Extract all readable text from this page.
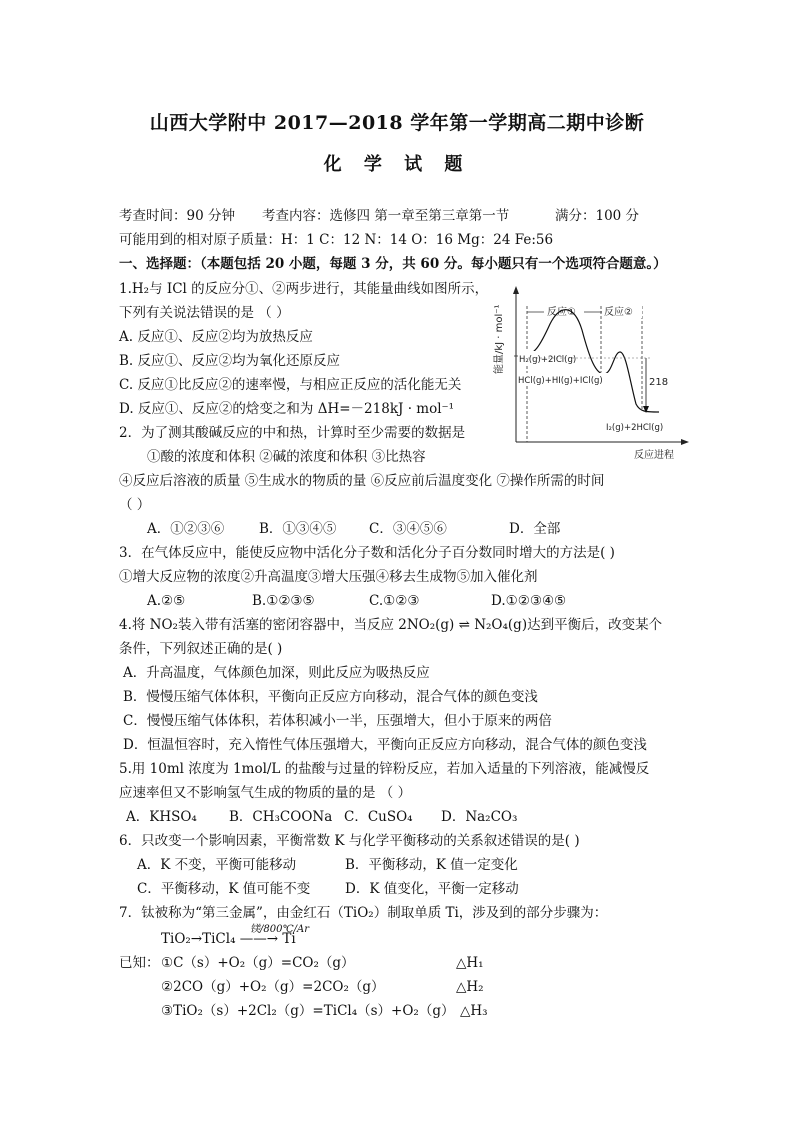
山西大学附中 2017—2018 学年第一学期高二期中诊断
化 学 试 题
考查时间：90 分钟 考查内容：选修四 第一章至第三章第一节	满分：100 分
可能用到的相对原子质量：H：1 C：12 N：14 O：16 Mg：24 Fe:56
一、选择题：（本题包括 20 小题，每题 3 分，共 60 分。每小题只有一个选项符合题意。）
1.H₂与 ICl 的反应分①、②两步进行，其能量曲线如图所示，
下列有关说法错误的是 （ ）
A. 反应①、反应②均为放热反应
B. 反应①、反应②均为氧化还原反应
C. 反应①比反应②的速率慢，与相应正反应的活化能无关
D. 反应①、反应②的焓变之和为 ΔH=－218kJ · mol⁻¹
能量/kJ · mol⁻¹
反应进程
反应①	反应②
H₂(g)+2ICl(g)
HCl(g)+HI(g)+ICl(g)	218
I₂(g)+2HCl(g)
2．为了测其酸碱反应的中和热，计算时至少需要的数据是
①酸的浓度和体积 ②碱的浓度和体积 ③比热容
④反应后溶液的质量 ⑤生成水的物质的量 ⑥反应前后温度变化 ⑦操作所需的时间
（ ）
A．①②③⑥	B．①③④⑤ C．③④⑤⑥	D．全部
3．在气体反应中，能使反应物中活化分子数和活化分子百分数同时增大的方法是( )
①增大反应物的浓度②升高温度③增大压强④移去生成物⑤加入催化剂
A.②⑤	B.①②③⑤	C.①②③	D.①②③④⑤
4.将 NO₂装入带有活塞的密闭容器中，当反应 2NO₂(g) ⇌ N₂O₄(g)达到平衡后，改变某个
条件，下列叙述正确的是( )
A．升高温度，气体颜色加深，则此反应为吸热反应
B．慢慢压缩气体体积，平衡向正反应方向移动，混合气体的颜色变浅
C．慢慢压缩气体体积，若体积减小一半，压强增大，但小于原来的两倍
D．恒温恒容时，充入惰性气体压强增大，平衡向正反应方向移动，混合气体的颜色变浅
5.用 10ml 浓度为 1mol/L 的盐酸与过量的锌粉反应，若加入适量的下列溶液，能减慢反
应速率但又不影响氢气生成的物质的量的是 （ ）
A．KHSO₄ B．CH₃COONa C．CuSO₄ D．Na₂CO₃
6．只改变一个影响因素，平衡常数 K 与化学平衡移动的关系叙述错误的是( )
A．K 不变，平衡可能移动	B．平衡移动，K 值一定变化
C．平衡移动，K 值可能不变	D．K 值变化，平衡一定移动
7．钛被称为“第三金属”，由金红石（TiO₂）制取单质 Ti，涉及到的部分步骤为：
镁/800℃/Ar
TiO₂→TiCl₄ ——→ Ti
已知： ①C（s）+O₂（g）=CO₂（g）	△H₁
②2CO（g）+O₂（g）=2CO₂（g）	△H₂
③TiO₂（s）+2Cl₂（g）=TiCl₄（s）+O₂（g） △H₃
